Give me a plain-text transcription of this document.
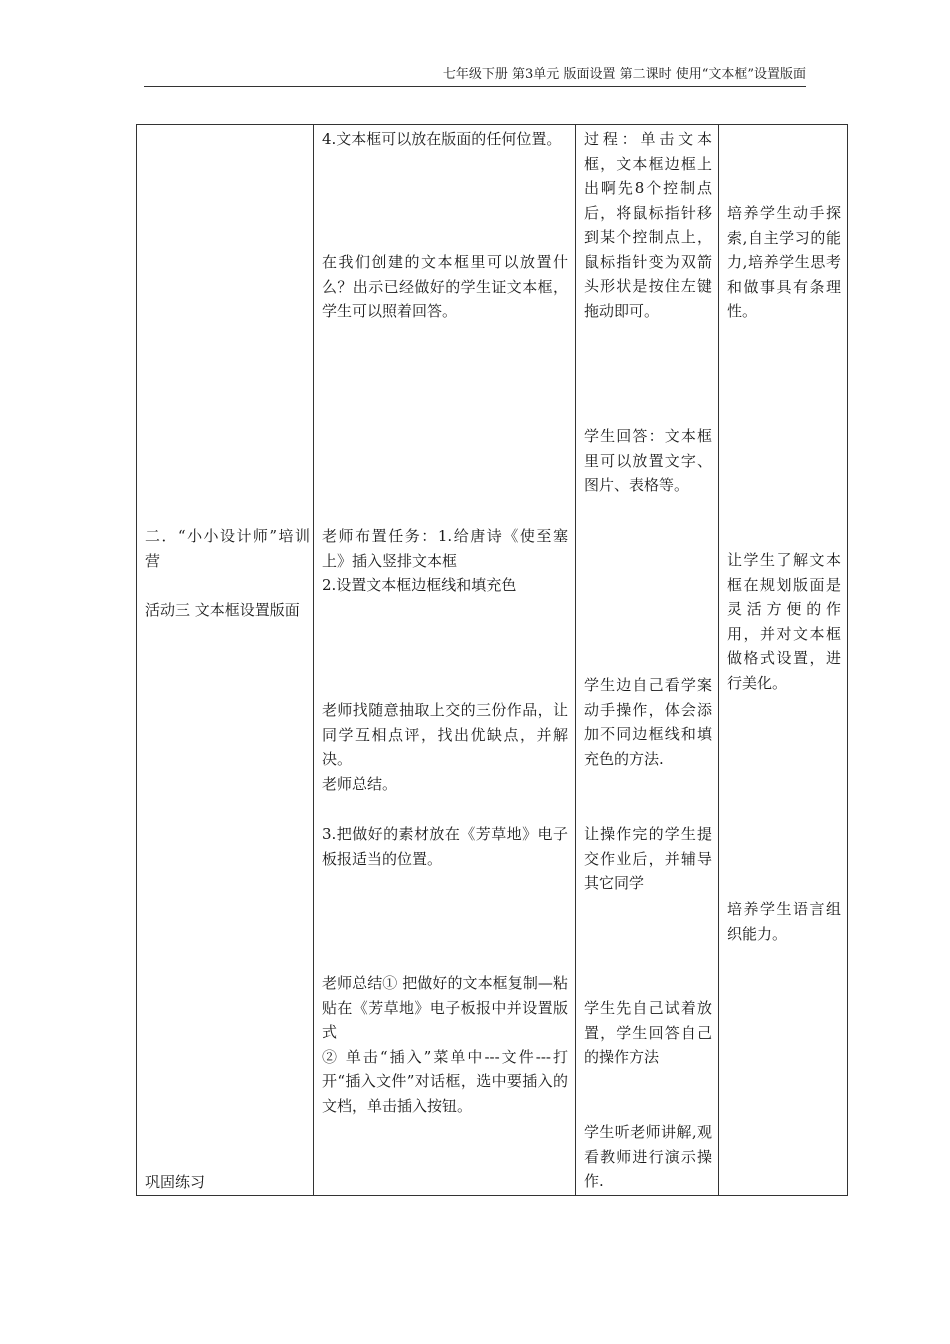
七年级下册 第3单元 版面设置 第二课时 使用“文本框”设置版面
二．“小小设计师”培训营
活动三 文本框设置版面
巩固练习
4.文本框可以放在版面的任何位置。
在我们创建的文本框里可以放置什么？出示已经做好的学生证文本框，学生可以照着回答。
老师布置任务：1.给唐诗《使至塞上》插入竖排文本框
2.设置文本框边框线和填充色
老师找随意抽取上交的三份作品，让同学互相点评，找出优缺点，并解决。
老师总结。
3.把做好的素材放在《芳草地》电子板报适当的位置。
老师总结① 把做好的文本框复制—粘贴在《芳草地》电子板报中并设置版式
② 单击“插入”菜单中---文件---打开“插入文件”对话框，选中要插入的文档，单击插入按钮。
过程：单击文本框，文本框边框上出啊先8个控制点后，将鼠标指针移到某个控制点上，鼠标指针变为双箭头形状是按住左键拖动即可。
学生回答：文本框里可以放置文字、图片、表格等。
学生边自己看学案动手操作，体会添加不同边框线和填充色的方法.
让操作完的学生提交作业后，并辅导其它同学
学生先自己试着放置，学生回答自己的操作方法
学生听老师讲解,观看教师进行演示操作.
培养学生动手探索,自主学习的能力,培养学生思考和做事具有条理性。
让学生了解文本框在规划版面是灵活方便的作用，并对文本框做格式设置，进行美化。
培养学生语言组织能力。
